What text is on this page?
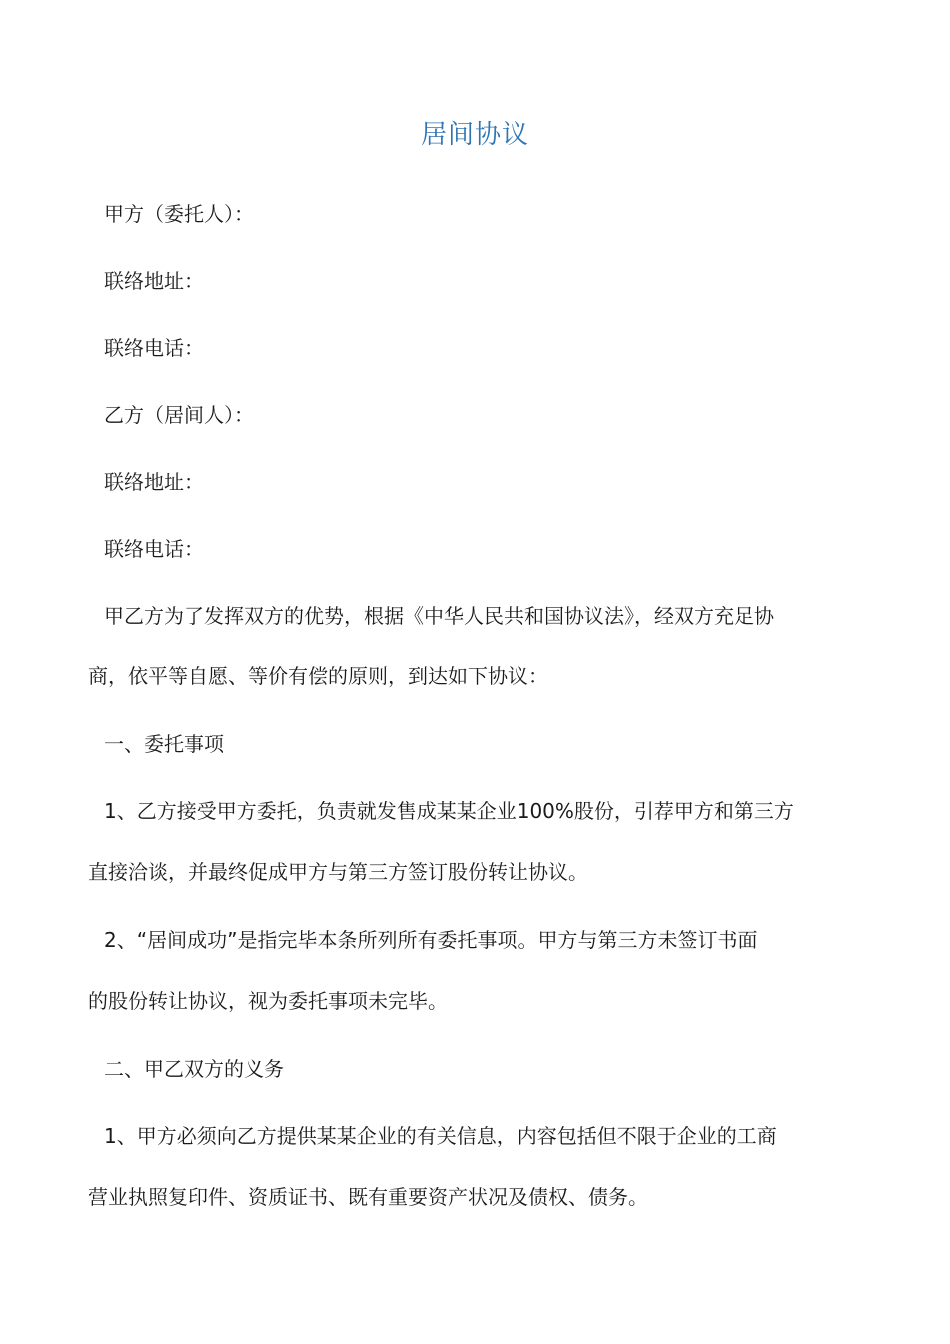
居间协议
甲方（委托人）：
联络地址：
联络电话：
乙方（居间人）：
联络地址：
联络电话：
甲乙方为了发挥双方的优势，根据《中华人民共和国协议法》，经双方充足协
商，依平等自愿、等价有偿的原则，到达如下协议：
一、委托事项
1、乙方接受甲方委托，负责就发售成某某企业100%股份，引荐甲方和第三方
直接洽谈，并最终促成甲方与第三方签订股份转让协议。
2、“居间成功”是指完毕本条所列所有委托事项。甲方与第三方未签订书面
的股份转让协议，视为委托事项未完毕。
二、甲乙双方的义务
1、甲方必须向乙方提供某某企业的有关信息，内容包括但不限于企业的工商
营业执照复印件、资质证书、既有重要资产状况及债权、债务。
